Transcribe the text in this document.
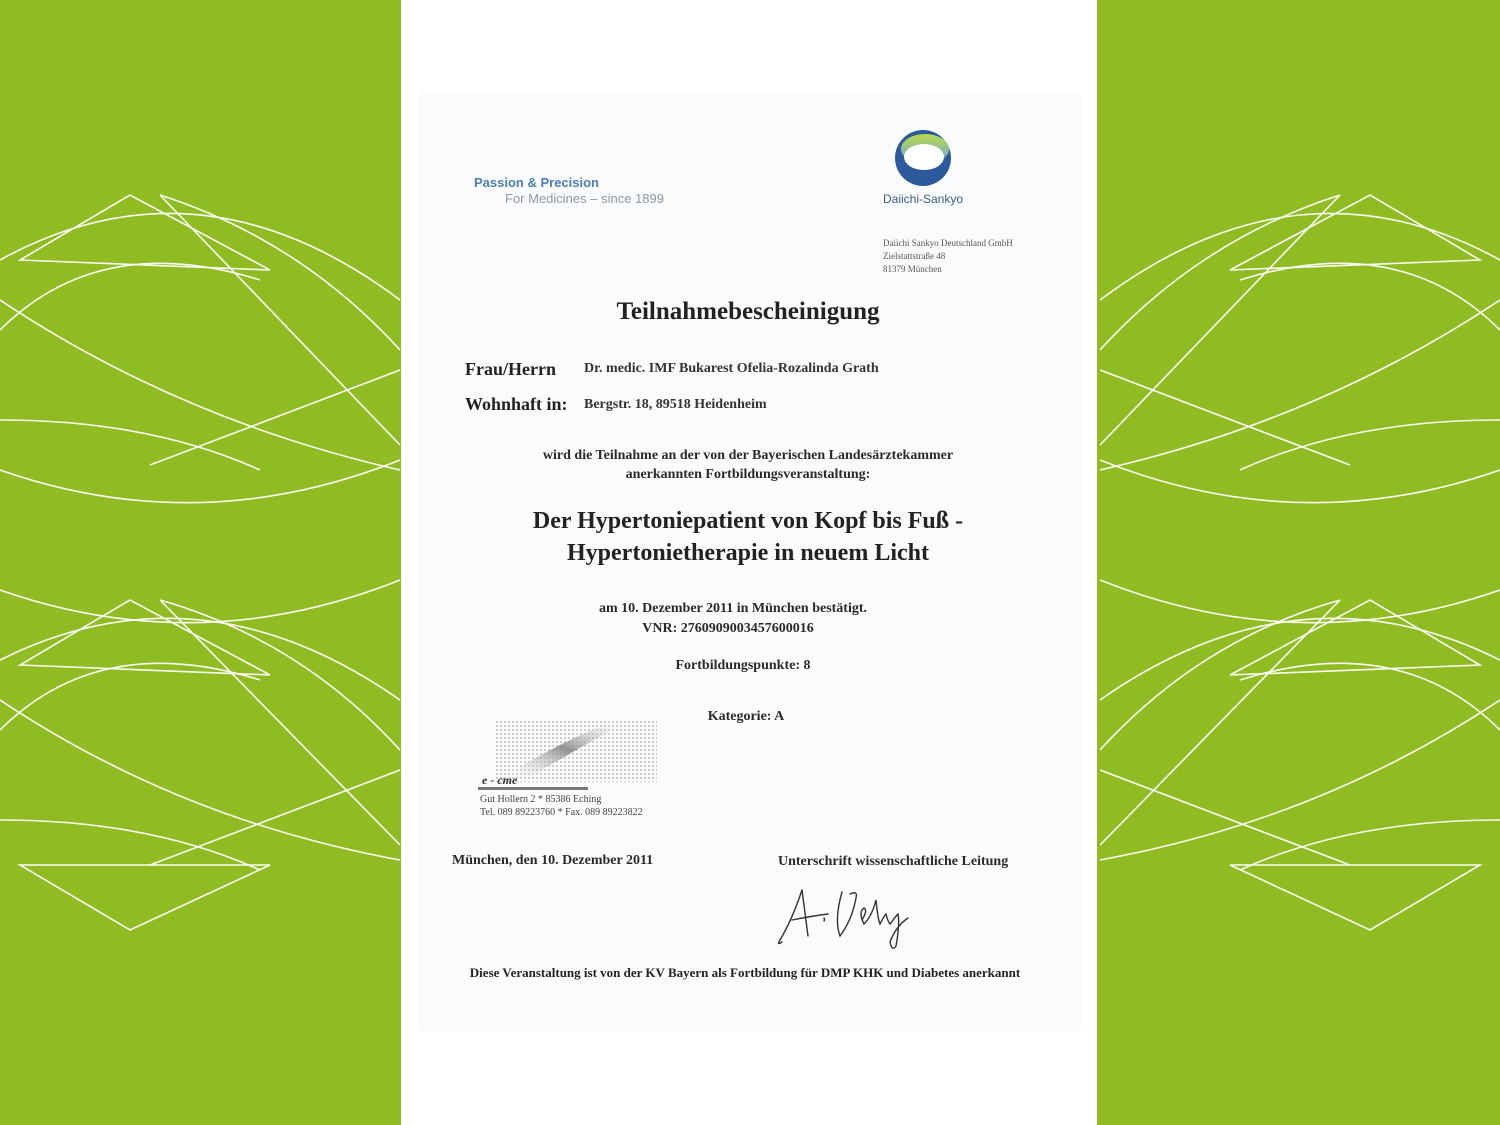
Passion & Precision
For Medicines – since 1899	Daiichi-Sankyo
Daiichi Sankyo Deutschland GmbH
Zielstattstraße 48
81379 München
Teilnahmebescheinigung
Frau/Herrn Dr. medic. IMF Bukarest Ofelia-Rozalinda Grath
Wohnhaft in: Bergstr. 18, 89518 Heidenheim
wird die Teilnahme an der von der Bayerischen Landesärztekammer
anerkannten Fortbildungsveranstaltung:
Der Hypertoniepatient von Kopf bis Fuß -
Hypertonietherapie in neuem Licht
am 10. Dezember 2011 in München bestätigt.
VNR: 2760909003457600016
Fortbildungspunkte: 8
Kategorie: A
e - cme
Gut Hollern 2 * 85386 Eching
Tel. 089 89223760 * Fax. 089 89223822
München, den 10. Dezember 2011	Unterschrift wissenschaftliche Leitung
Diese Veranstaltung ist von der KV Bayern als Fortbildung für DMP KHK und Diabetes anerkannt
